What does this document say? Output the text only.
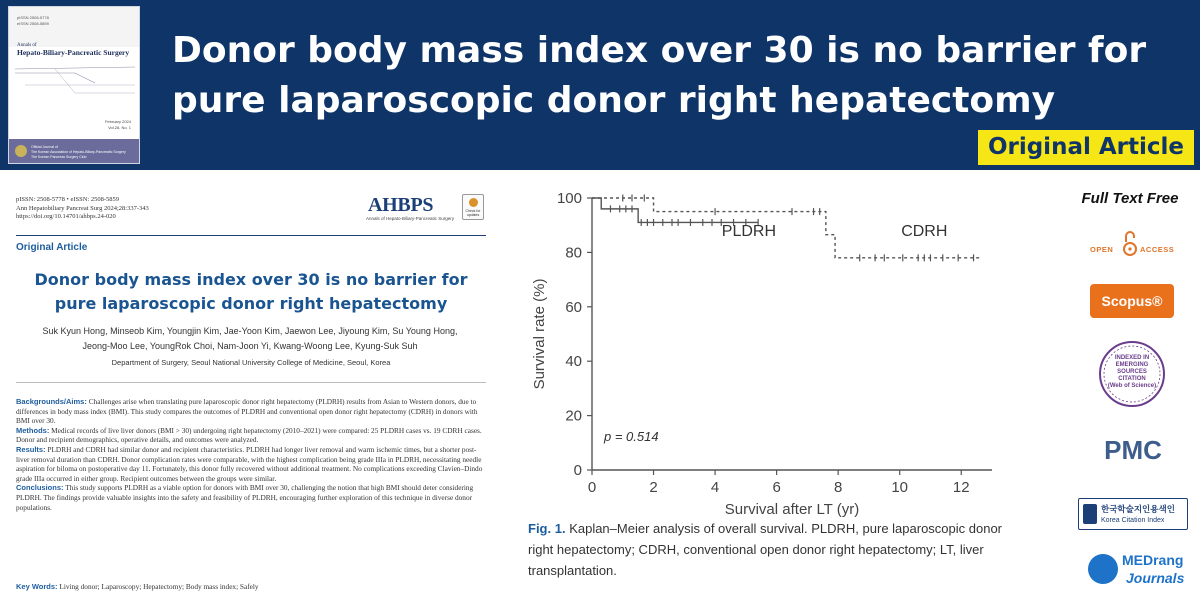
pISSN 2508-5778
eISSN 2508-5859
Annals of
Hepato-Biliary-Pancreatic Surgery
February 2024
Vol.28, No. 1
Official Journal of
The Korean Association of Hepato-Biliary-Pancreatic Surgery
The Korean Pancreas Surgery Club
Donor body mass index over 30 is no barrier for pure laparoscopic donor right hepatectomy
Original Article
pISSN: 2508-5778 • eISSN: 2508-5859
Ann Hepatobiliary Pancreat Surg 2024;28:337-343
https://doi.org/10.14701/ahbps.24-020
AHBPS
Annals of Hepato-Biliary-Pancreatic Surgery
Check for updates
Original Article
Donor body mass index over 30 is no barrier for pure laparoscopic donor right hepatectomy
Suk Kyun Hong, Minseob Kim, Youngjin Kim, Jae-Yoon Kim, Jaewon Lee, Jiyoung Kim, Su Young Hong, Jeong-Moo Lee, YoungRok Choi, Nam-Joon Yi, Kwang-Woong Lee, Kyung-Suk Suh
Department of Surgery, Seoul National University College of Medicine, Seoul, Korea

Backgrounds/Aims: Challenges arise when translating pure laparoscopic donor right hepatectomy (PLDRH) results from Asian to Western donors, due to differences in body mass index (BMI). This study compares the outcomes of PLDRH and conventional open donor right hepatectomy (CDRH) in donors with BMI over 30.

Methods: Medical records of live liver donors (BMI > 30) undergoing right hepatectomy (2010–2021) were compared: 25 PLDRH cases vs. 19 CDRH cases. Donor and recipient demographics, operative details, and outcomes were analyzed.

Results: PLDRH and CDRH had similar donor and recipient characteristics. PLDRH had longer liver removal and warm ischemic times, but a shorter post-liver removal duration than CDRH. Donor complication rates were comparable, with the highest complication being grade IIIa in PLDRH, necessitating needle aspiration for biloma on postoperative day 11. Fortunately, this donor fully recovered without additional treatment. No complications exceeding Clavien–Dindo grade IIIa occurred in either group. Recipient outcomes between the groups were similar.

Conclusions: This study supports PLDRH as a viable option for donors with BMI over 30, challenging the notion that high BMI should deter considering PLDRH. The findings provide valuable insights into the safety and feasibility of PLDRH, encouraging further exploration of this technique in diverse donor populations.

Key Words: Living donor; Laparoscopy; Hepatectomy; Body mass index; Safely
0
20
40
60
80
100
0	2	4	6	8	10	12
Survival after LT (yr)
Survival rate (%)
PLDRH	CDRH
p = 0.514
Fig. 1. Kaplan–Meier analysis of overall survival. PLDRH, pure laparoscopic donor right hepatectomy; CDRH, conventional open donor right hepatectomy; LT, liver transplantation.
Full Text Free
OPEN	ACCESS
Scopus®
INDEXED IN
EMERGING
SOURCES
CITATION
(Web of Science)
PMC
한국학술지인용색인
Korea Citation Index
MEDrang
Journals
